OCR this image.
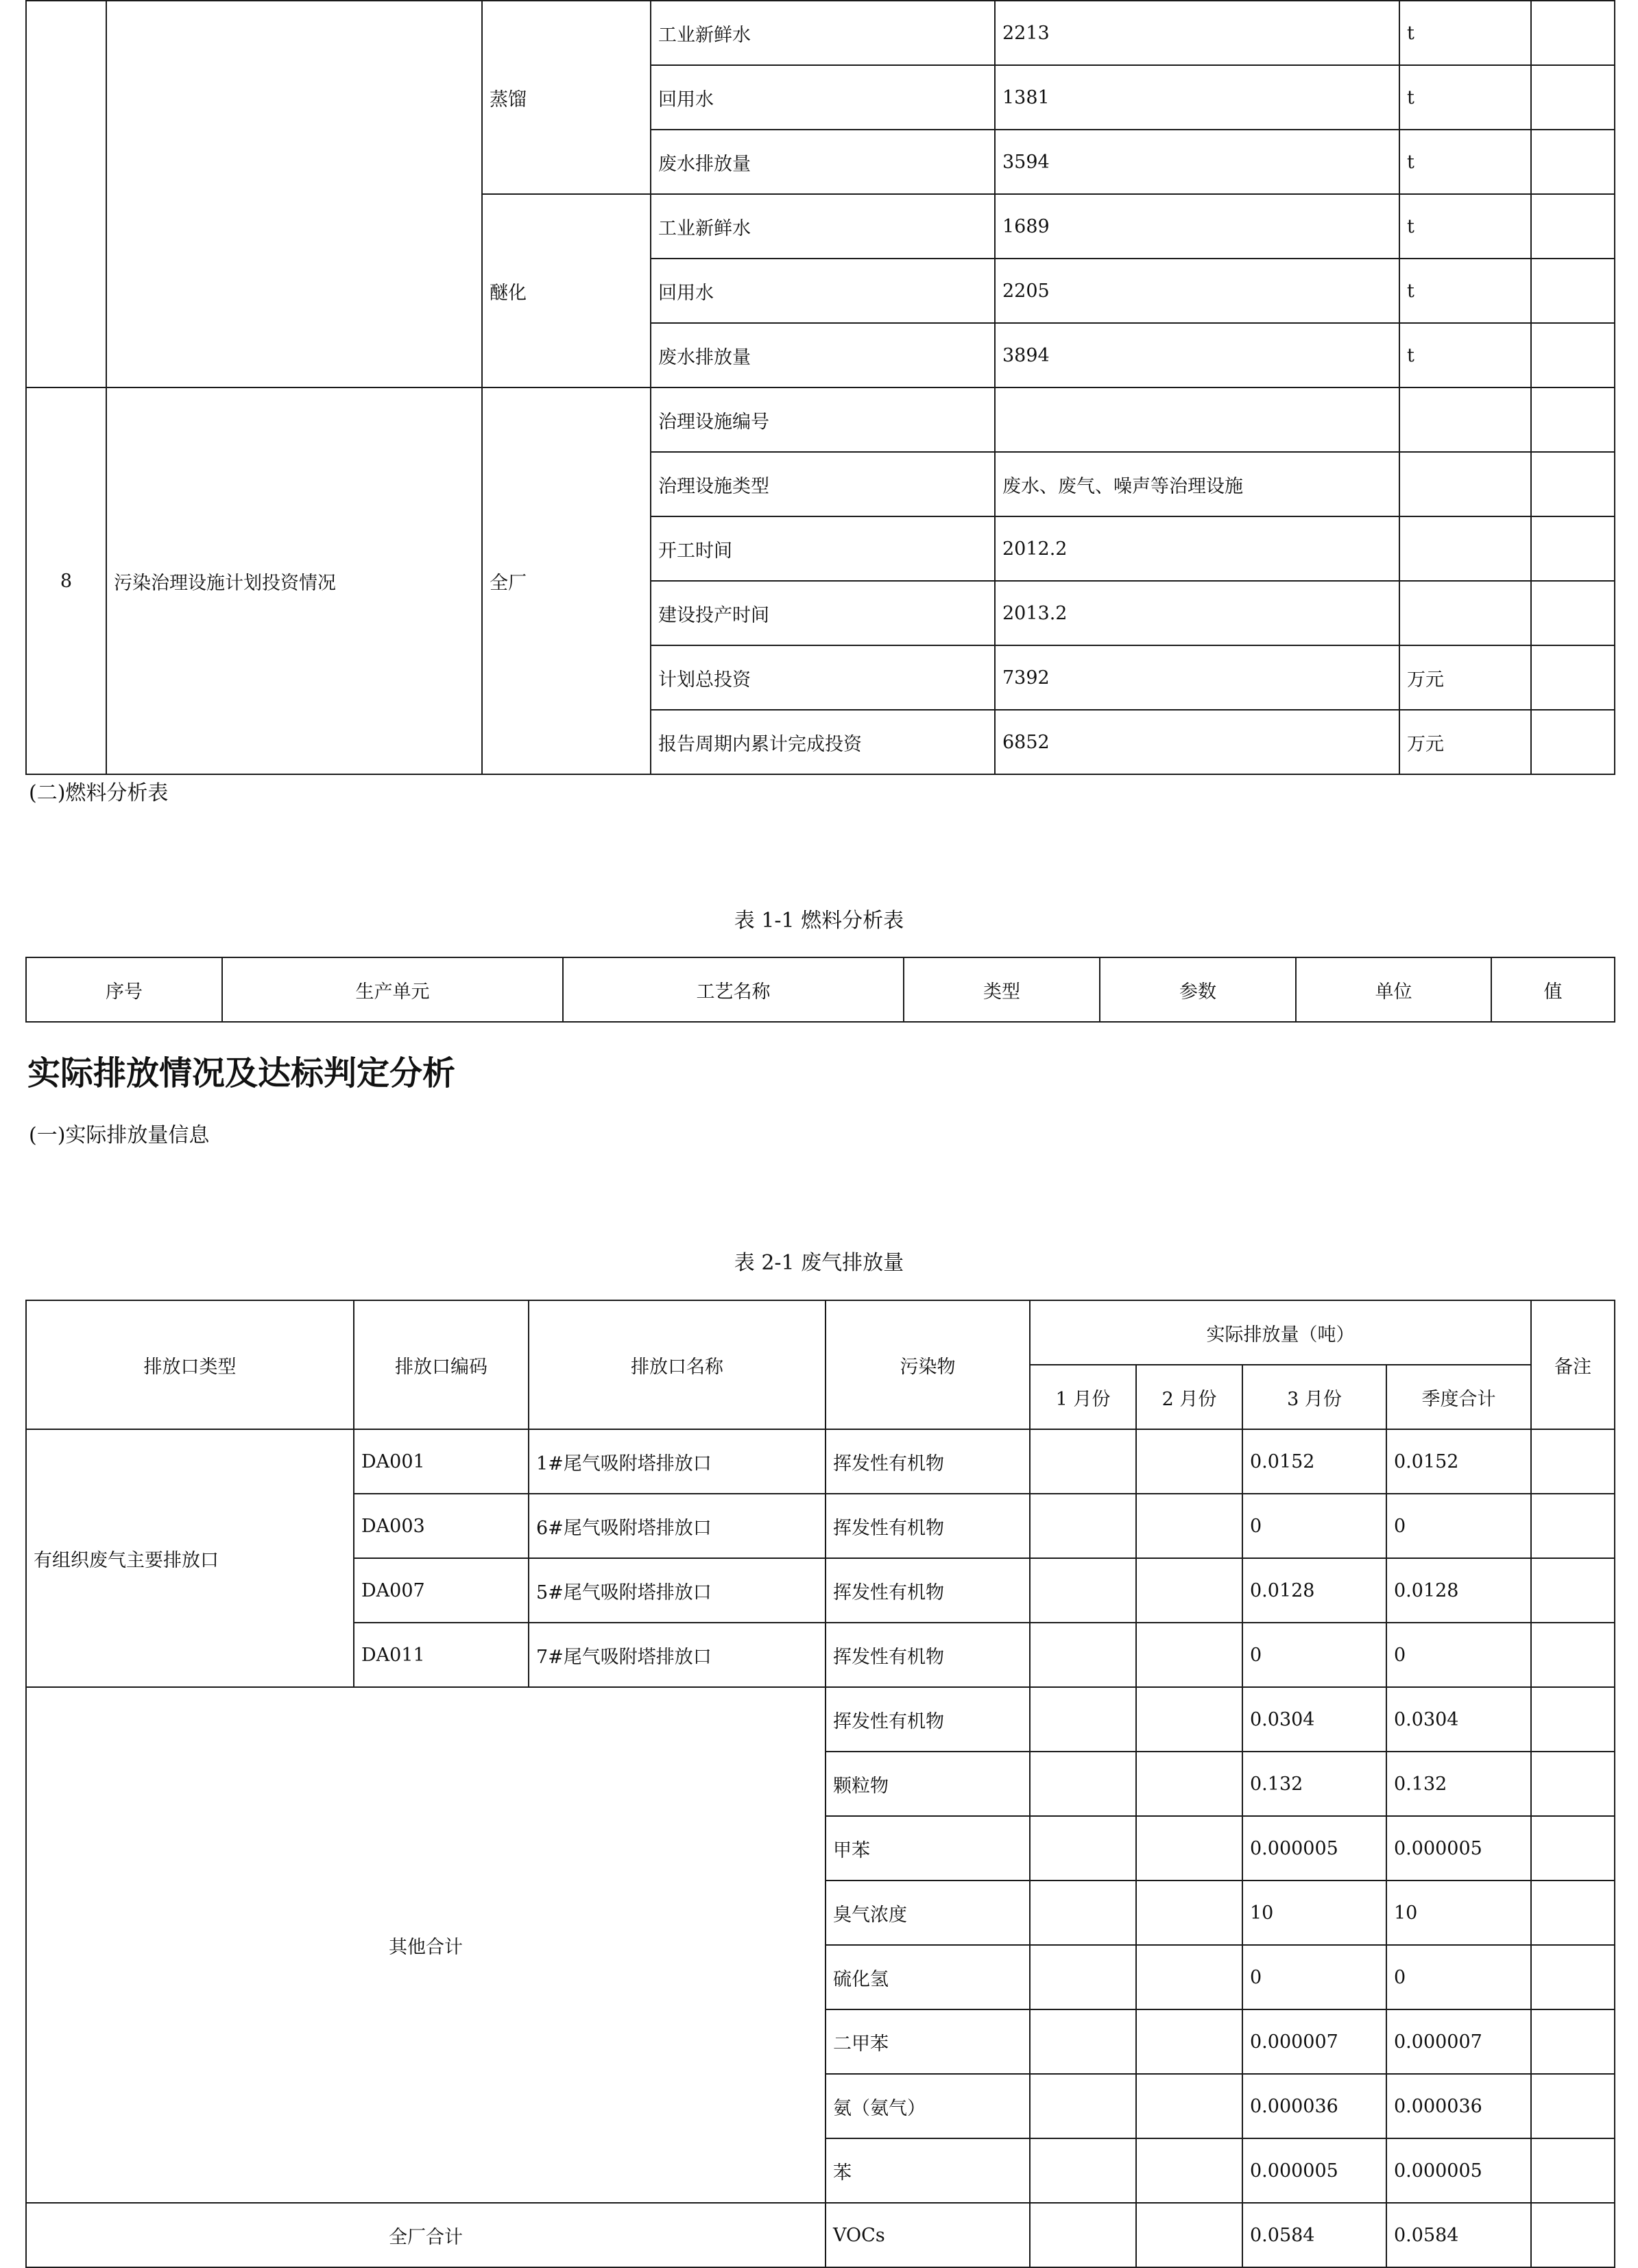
		蒸馏	工业新鲜水	2213	t	
			回用水	1381	t	
			废水排放量	3594	t	
		醚化	工业新鲜水	1689	t	
			回用水	2205	t	
			废水排放量	3894	t	
8	污染治理设施计划投资情况	全厂	治理设施编号			
			治理设施类型	废水、废气、噪声等治理设施		
			开工时间	2012.2		
			建设投产时间	2013.2		
			计划总投资	7392	万元	
			报告周期内累计完成投资	6852	万元	
(二)燃料分析表
表 1-1 燃料分析表
序号	生产单元	工艺名称	类型	参数	单位	值
实际排放情况及达标判定分析
(一)实际排放量信息
表 2-1 废气排放量
排放口类型	排放口编码	排放口名称	污染物	实际排放量（吨）				备注
				1 月份	2 月份	3 月份	季度合计	
有组织废气主要排放口	DA001	1#尾气吸附塔排放口	挥发性有机物			0.0152	0.0152	
	DA003	6#尾气吸附塔排放口	挥发性有机物			0	0	
	DA007	5#尾气吸附塔排放口	挥发性有机物			0.0128	0.0128	
	DA011	7#尾气吸附塔排放口	挥发性有机物			0	0	
其他合计			挥发性有机物			0.0304	0.0304	
			颗粒物			0.132	0.132	
			甲苯			0.000005	0.000005	
			臭气浓度			10	10	
			硫化氢			0	0	
			二甲苯			0.000007	0.000007	
			氨（氨气）			0.000036	0.000036	
			苯			0.000005	0.000005	
全厂合计			VOCs			0.0584	0.0584	
